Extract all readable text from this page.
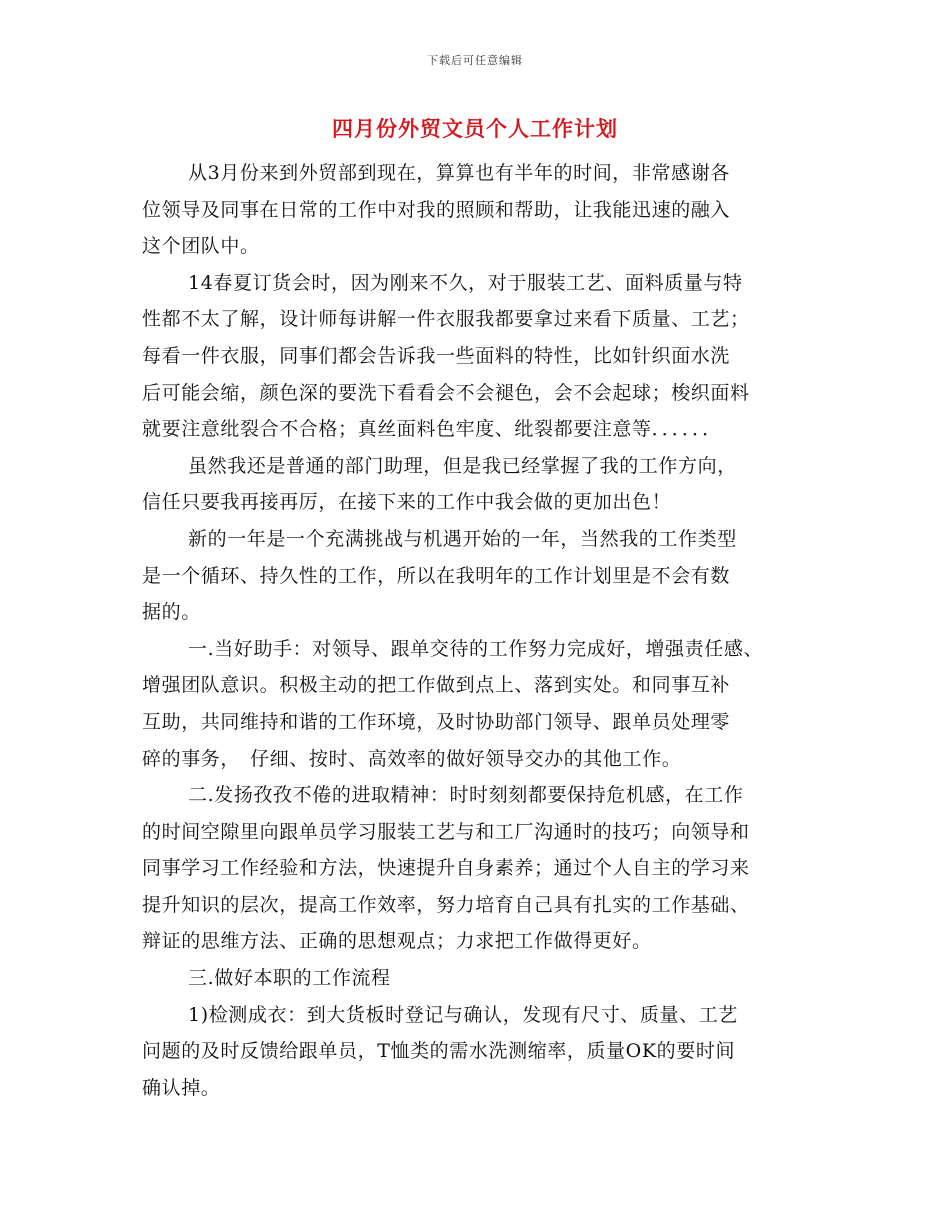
下载后可任意编辑
四月份外贸文员个人工作计划
从3月份来到外贸部到现在，算算也有半年的时间，非常感谢各
位领导及同事在日常的工作中对我的照顾和帮助，让我能迅速的融入
这个团队中。
14春夏订货会时，因为刚来不久，对于服装工艺、面料质量与特
性都不太了解，设计师每讲解一件衣服我都要拿过来看下质量、工艺；
每看一件衣服，同事们都会告诉我一些面料的特性，比如针织面水洗
后可能会缩，颜色深的要洗下看看会不会褪色，会不会起球；梭织面料
就要注意纰裂合不合格；真丝面料色牢度、纰裂都要注意等．．．．．．
虽然我还是普通的部门助理，但是我已经掌握了我的工作方向，
信任只要我再接再厉，在接下来的工作中我会做的更加出色！
新的一年是一个充满挑战与机遇开始的一年，当然我的工作类型
是一个循环、持久性的工作，所以在我明年的工作计划里是不会有数
据的。
一.当好助手：对领导、跟单交待的工作努力完成好，增强责任感、
增强团队意识。积极主动的把工作做到点上、落到实处。和同事互补
互助，共同维持和谐的工作环境，及时协助部门领导、跟单员处理零
碎的事务，　仔细、按时、高效率的做好领导交办的其他工作。
二.发扬孜孜不倦的进取精神：时时刻刻都要保持危机感，在工作
的时间空隙里向跟单员学习服装工艺与和工厂沟通时的技巧；向领导和
同事学习工作经验和方法，快速提升自身素养；通过个人自主的学习来
提升知识的层次，提高工作效率，努力培育自己具有扎实的工作基础、
辩证的思维方法、正确的思想观点；力求把工作做得更好。
三.做好本职的工作流程
1)检测成衣：到大货板时登记与确认，发现有尺寸、质量、工艺
问题的及时反馈给跟单员，T恤类的需水洗测缩率，质量OK的要时间
确认掉。
